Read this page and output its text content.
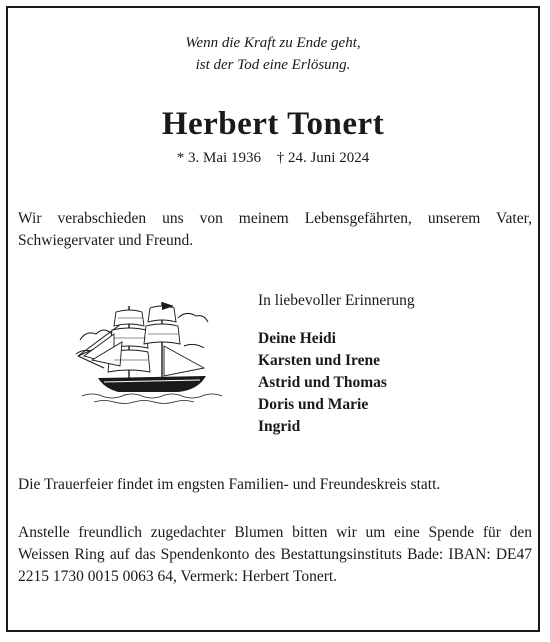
Wenn die Kraft zu Ende geht,
ist der Tod eine Erlösung.
Herbert Tonert
* 3. Mai 1936 † 24. Juni 2024
Wir verabschieden uns von meinem Lebensgefährten, unserem Vater, Schwiegervater und Freund.
In liebevoller Erinnerung
Deine Heidi
Karsten und Irene
Astrid und Thomas
Doris und Marie
Ingrid
Die Trauerfeier findet im engsten Familien- und Freundeskreis statt.
Anstelle freundlich zugedachter Blumen bitten wir um eine Spende für den Weissen Ring auf das Spendenkonto des Bestattungsinstituts Bade: IBAN: DE47 2215 1730 0015 0063 64, Vermerk: Herbert Tonert.
